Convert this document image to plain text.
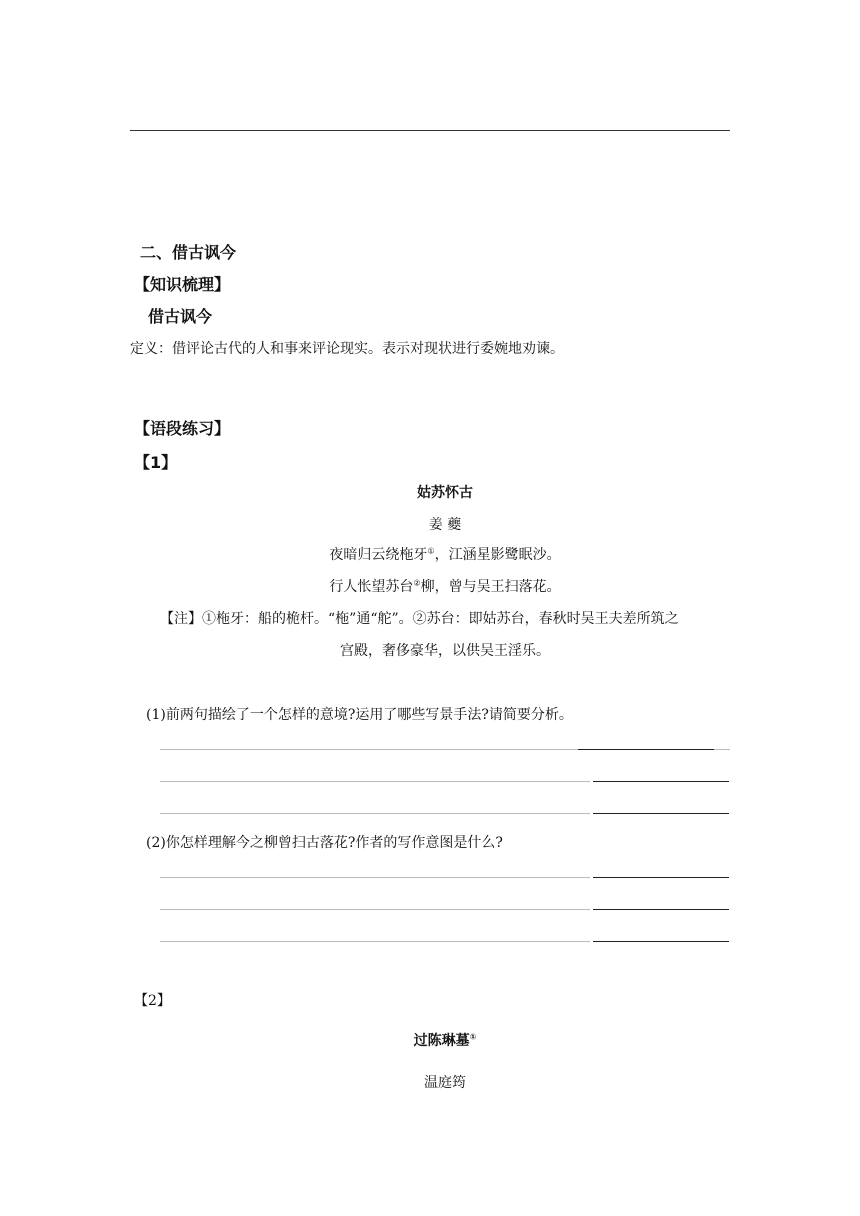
二、借古讽今
【知识梳理】
借古讽今
定义：借评论古代的人和事来评论现实。表示对现状进行委婉地劝谏。
【语段练习】
【1】
姑苏怀古
姜 夔
夜暗归云绕柂牙①，江涵星影鹭眠沙。
行人怅望苏台②柳，曾与吴王扫落花。
【注】①柂牙：船的桅杆。“柂”通“舵”。②苏台：即姑苏台，春秋时吴王夫差所筑之
宫殿，奢侈豪华，以供吴王淫乐。
(1)前两句描绘了一个怎样的意境?运用了哪些写景手法?请简要分析。
(2)你怎样理解今之柳曾扫古落花?作者的写作意图是什么?
【2】
过陈琳墓①
温庭筠
